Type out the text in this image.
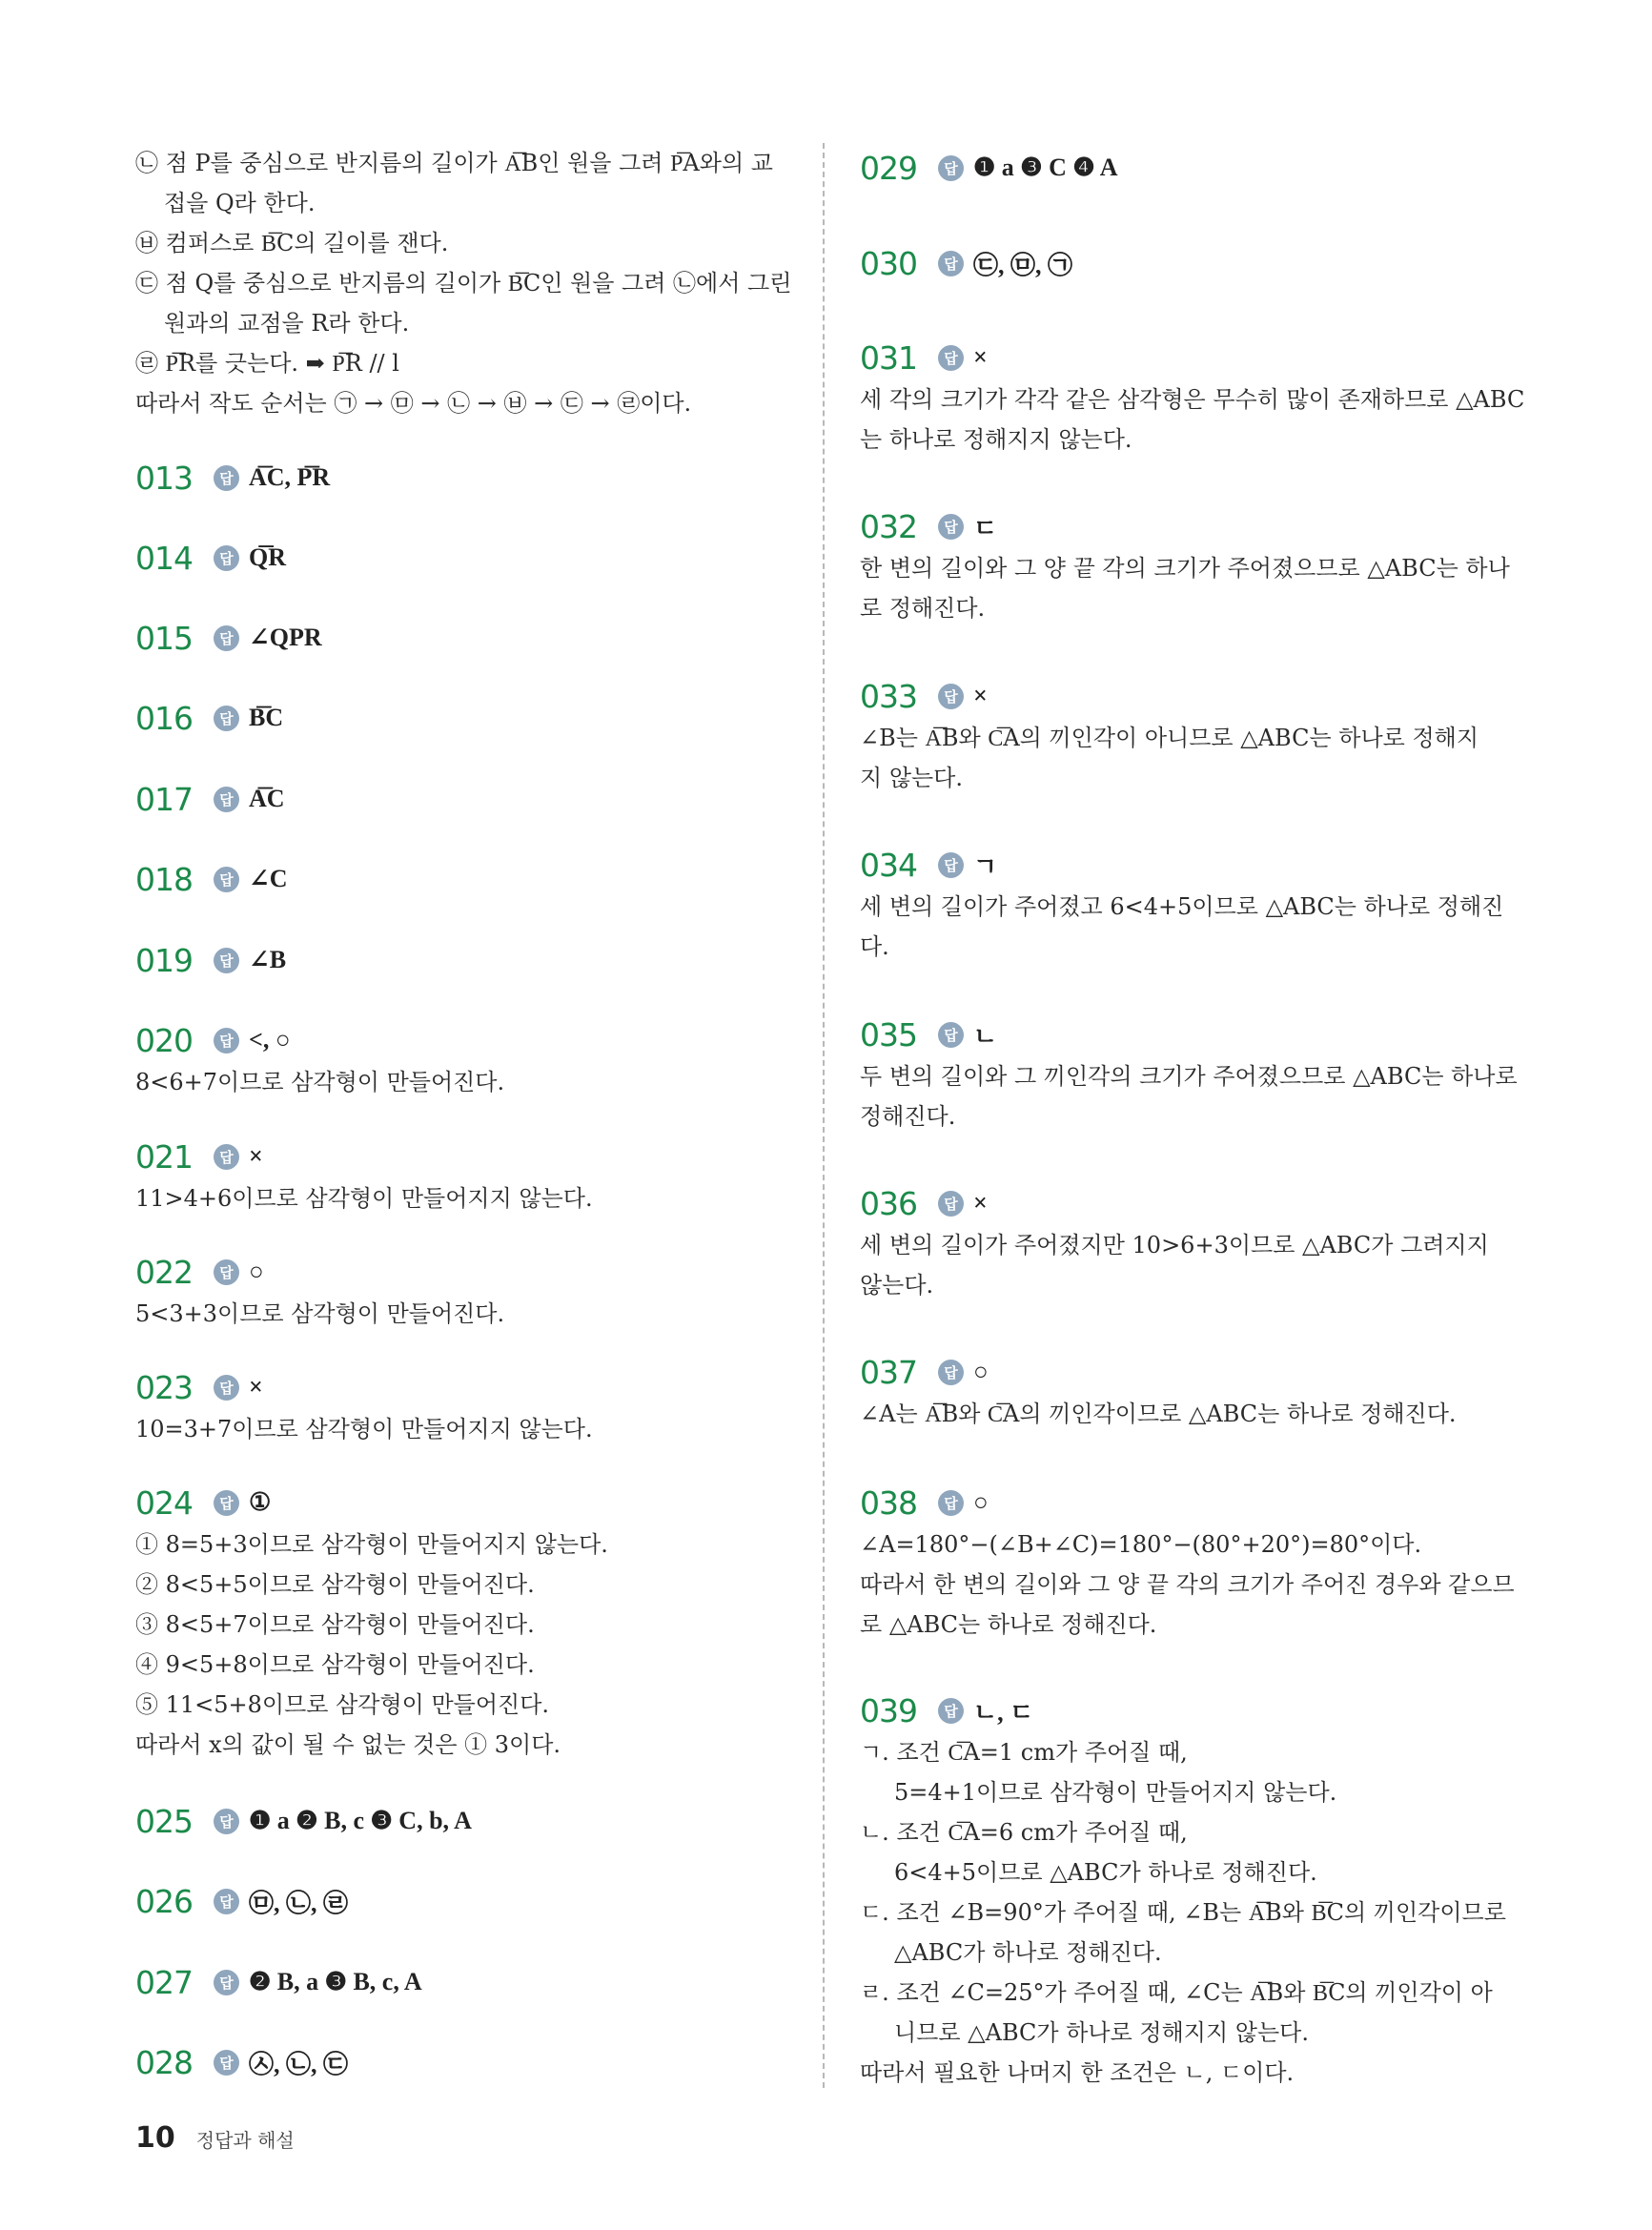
㉡ 점 P를 중심으로 반지름의 길이가 A͞B인 원을 그려 P͞A와의 교
접을 Q라 한다.
㉥ 컴퍼스로 B͞C의 길이를 잰다.
㉢ 점 Q를 중심으로 반지름의 길이가 B͞C인 원을 그려 ㉡에서 그린
원과의 교점을 R라 한다.
㉣ P͞R를 긋는다. ➡ P͞R // l
따라서 작도 순서는 ㉠ → ㉤ → ㉡ → ㉥ → ㉢ → ㉣이다.
013	답 A͞C, P͞R
014	답 Q͞R
015	답 ∠QPR
016	답 B͞C
017	답 A͞C
018	답 ∠C
019	답 ∠B
020	답 <, ○
8<6+7이므로 삼각형이 만들어진다.
021	답 ×
11>4+6이므로 삼각형이 만들어지지 않는다.
022	답 ○
5<3+3이므로 삼각형이 만들어진다.
023	답 ×
10=3+7이므로 삼각형이 만들어지지 않는다.
024	답 ①
① 8=5+3이므로 삼각형이 만들어지지 않는다.
② 8<5+5이므로 삼각형이 만들어진다.
③ 8<5+7이므로 삼각형이 만들어진다.
④ 9<5+8이므로 삼각형이 만들어진다.
⑤ 11<5+8이므로 삼각형이 만들어진다.
따라서 x의 값이 될 수 없는 것은 ① 3이다.
025	답 ❶ a ❷ B, c ❸ C, b, A
026	답 ㉤, ㉡, ㉣
027	답 ❷ B, a ❸ B, c, A
028	답 ㉦, ㉡, ㉢
029	답 ❶ a ❸ C ❹ A
030	답 ㉢, ㉤, ㉠
031	답 ×
세 각의 크기가 각각 같은 삼각형은 무수히 많이 존재하므로 △ABC
는 하나로 정해지지 않는다.
032	답 ㄷ
한 변의 길이와 그 양 끝 각의 크기가 주어졌으므로 △ABC는 하나
로 정해진다.
033	답 ×
∠B는 A͞B와 C͞A의 끼인각이 아니므로 △ABC는 하나로 정해지
지 않는다.
034	답 ㄱ
세 변의 길이가 주어졌고 6<4+5이므로 △ABC는 하나로 정해진
다.
035	답 ㄴ
두 변의 길이와 그 끼인각의 크기가 주어졌으므로 △ABC는 하나로
정해진다.
036	답 ×
세 변의 길이가 주어졌지만 10>6+3이므로 △ABC가 그려지지
않는다.
037	답 ○
∠A는 A͞B와 C͞A의 끼인각이므로 △ABC는 하나로 정해진다.
038	답 ○
∠A=180°−(∠B+∠C)=180°−(80°+20°)=80°이다.
따라서 한 변의 길이와 그 양 끝 각의 크기가 주어진 경우와 같으므
로 △ABC는 하나로 정해진다.
039	답 ㄴ, ㄷ
ㄱ. 조건 C͞A=1 cm가 주어질 때,
5=4+1이므로 삼각형이 만들어지지 않는다.
ㄴ. 조건 C͞A=6 cm가 주어질 때,
6<4+5이므로 △ABC가 하나로 정해진다.
ㄷ. 조건 ∠B=90°가 주어질 때, ∠B는 A͞B와 B͞C의 끼인각이므로
△ABC가 하나로 정해진다.
ㄹ. 조건 ∠C=25°가 주어질 때, ∠C는 A͞B와 B͞C의 끼인각이 아
니므로 △ABC가 하나로 정해지지 않는다.
따라서 필요한 나머지 한 조건은 ㄴ, ㄷ이다.
10 정답과 해설
